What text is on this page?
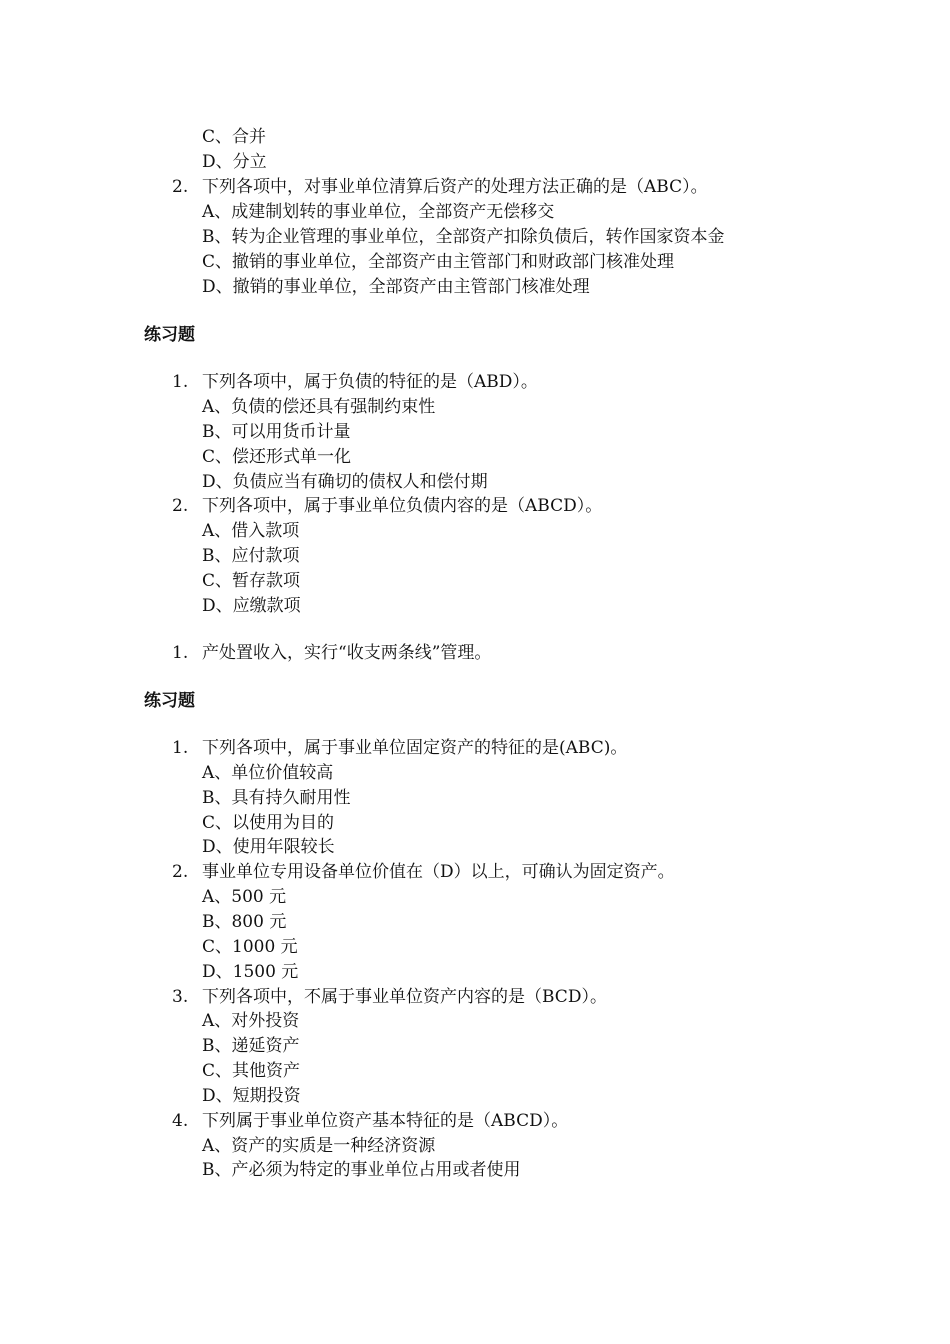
C、合并
D、分立
2. 下列各项中，对事业单位清算后资产的处理方法正确的是（ABC）。
A、成建制划转的事业单位，全部资产无偿移交
B、转为企业管理的事业单位，全部资产扣除负债后，转作国家资本金
C、撤销的事业单位，全部资产由主管部门和财政部门核准处理
D、撤销的事业单位，全部资产由主管部门核准处理
练习题
1. 下列各项中，属于负债的特征的是（ABD）。
A、负债的偿还具有强制约束性
B、可以用货币计量
C、偿还形式单一化
D、负债应当有确切的债权人和偿付期
2. 下列各项中，属于事业单位负债内容的是（ABCD）。
A、借入款项
B、应付款项
C、暂存款项
D、应缴款项
1. 产处置收入，实行“收支两条线”管理。
练习题
1. 下列各项中，属于事业单位固定资产的特征的是(ABC)。
A、单位价值较高
B、具有持久耐用性
C、以使用为目的
D、使用年限较长
2. 事业单位专用设备单位价值在（D）以上，可确认为固定资产。
A、500 元
B、800 元
C、1000 元
D、1500 元
3. 下列各项中，不属于事业单位资产内容的是（BCD）。
A、对外投资
B、递延资产
C、其他资产
D、短期投资
4. 下列属于事业单位资产基本特征的是（ABCD）。
A、资产的实质是一种经济资源
B、产必须为特定的事业单位占用或者使用
